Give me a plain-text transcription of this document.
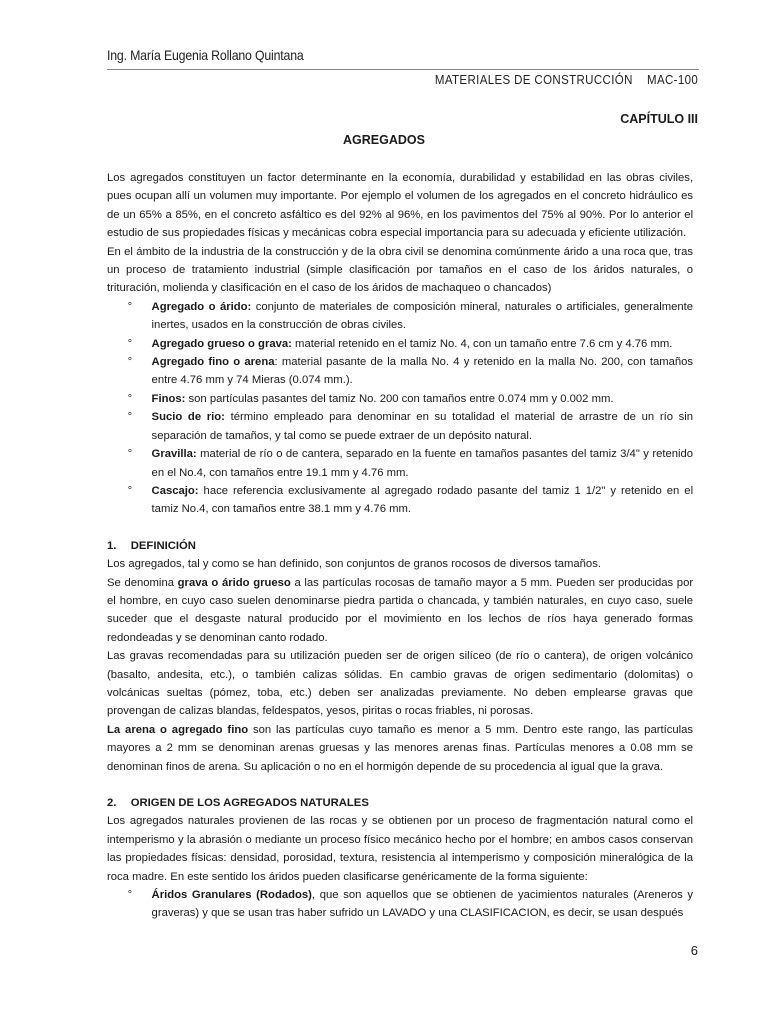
Ing. María Eugenia Rollano Quintana
MATERIALES DE CONSTRUCCIÓN    MAC-100
CAPÍTULO III
AGREGADOS

Los agregados constituyen un factor determinante en la economía, durabilidad y estabilidad en las obras civiles, pues ocupan allí un volumen muy importante. Por ejemplo el volumen de los agregados en el concreto hidráulico es de un 65% a 85%, en el concreto asfáltico es del 92% al 96%, en los pavimentos del 75% al 90%. Por lo anterior el estudio de sus propiedades físicas y mecánicas cobra especial importancia para su adecuada y eficiente utilización.

En el ámbito de la industria de la construcción y de la obra civil se denomina comúnmente árido a una roca que, tras un proceso de tratamiento industrial (simple clasificación por tamaños en el caso de los áridos naturales, o trituración, molienda y clasificación en el caso de los áridos de machaqueo o chancados)

° Agregado o árido: conjunto de materiales de composición mineral, naturales o artificiales, generalmente inertes, usados en la construcción de obras civiles.
° Agregado grueso o grava: material retenido en el tamiz No. 4, con un tamaño entre 7.6 cm y 4.76 mm.
° Agregado fino o arena: material pasante de la malla No. 4 y retenido en la malla No. 200, con tamaños entre 4.76 mm y 74 Mieras (0.074 mm.).
° Finos: son partículas pasantes del tamiz No. 200 con tamaños entre 0.074 mm y 0.002 mm.
° Sucio de rio: término empleado para denominar en su totalidad el material de arrastre de un río sin separación de tamaños, y tal como se puede extraer de un depósito natural.
° Gravilla: material de río o de cantera, separado en la fuente en tamaños pasantes del tamiz 3/4" y retenido en el No.4, con tamaños entre 19.1 mm y 4.76 mm.
° Cascajo: hace referencia exclusivamente al agregado rodado pasante del tamiz 1 1/2" y retenido en el tamiz No.4, con tamaños entre 38.1 mm y 4.76 mm.

1. DEFINICIÓN

Los agregados, tal y como se han definido, son conjuntos de granos rocosos de diversos tamaños.

Se denomina grava o árido grueso a las partículas rocosas de tamaño mayor a 5 mm. Pueden ser producidas por el hombre, en cuyo caso suelen denominarse piedra partida o chancada, y también naturales, en cuyo caso, suele suceder que el desgaste natural producido por el movimiento en los lechos de ríos haya generado formas redondeadas y se denominan canto rodado.

Las gravas recomendadas para su utilización pueden ser de origen silíceo (de río o cantera), de origen volcánico (basalto, andesita, etc.), o también calizas sólidas. En cambio gravas de origen sedimentario (dolomitas) o volcánicas sueltas (pómez, toba, etc.) deben ser analizadas previamente. No deben emplearse gravas que provengan de calizas blandas, feldespatos, yesos, piritas o rocas friables, ni porosas.

La arena o agregado fino son las partículas cuyo tamaño es menor a 5 mm. Dentro este rango, las partículas mayores a 2 mm se denominan arenas gruesas y las menores arenas finas. Partículas menores a 0.08 mm se denominan finos de arena. Su aplicación o no en el hormigón depende de su procedencia al igual que la grava.

2. ORIGEN DE LOS AGREGADOS NATURALES

Los agregados naturales provienen de las rocas y se obtienen por un proceso de fragmentación natural como el intemperismo y la abrasión o mediante un proceso físico mecánico hecho por el hombre; en ambos casos conservan las propiedades físicas: densidad, porosidad, textura, resistencia al intemperismo y composición mineralógica de la roca madre. En este sentido los áridos pueden clasificarse genéricamente de la forma siguiente:

° Áridos Granulares (Rodados), que son aquellos que se obtienen de yacimientos naturales (Areneros y graveras) y que se usan tras haber sufrido un LAVADO y una CLASIFICACION, es decir, se usan después
6
